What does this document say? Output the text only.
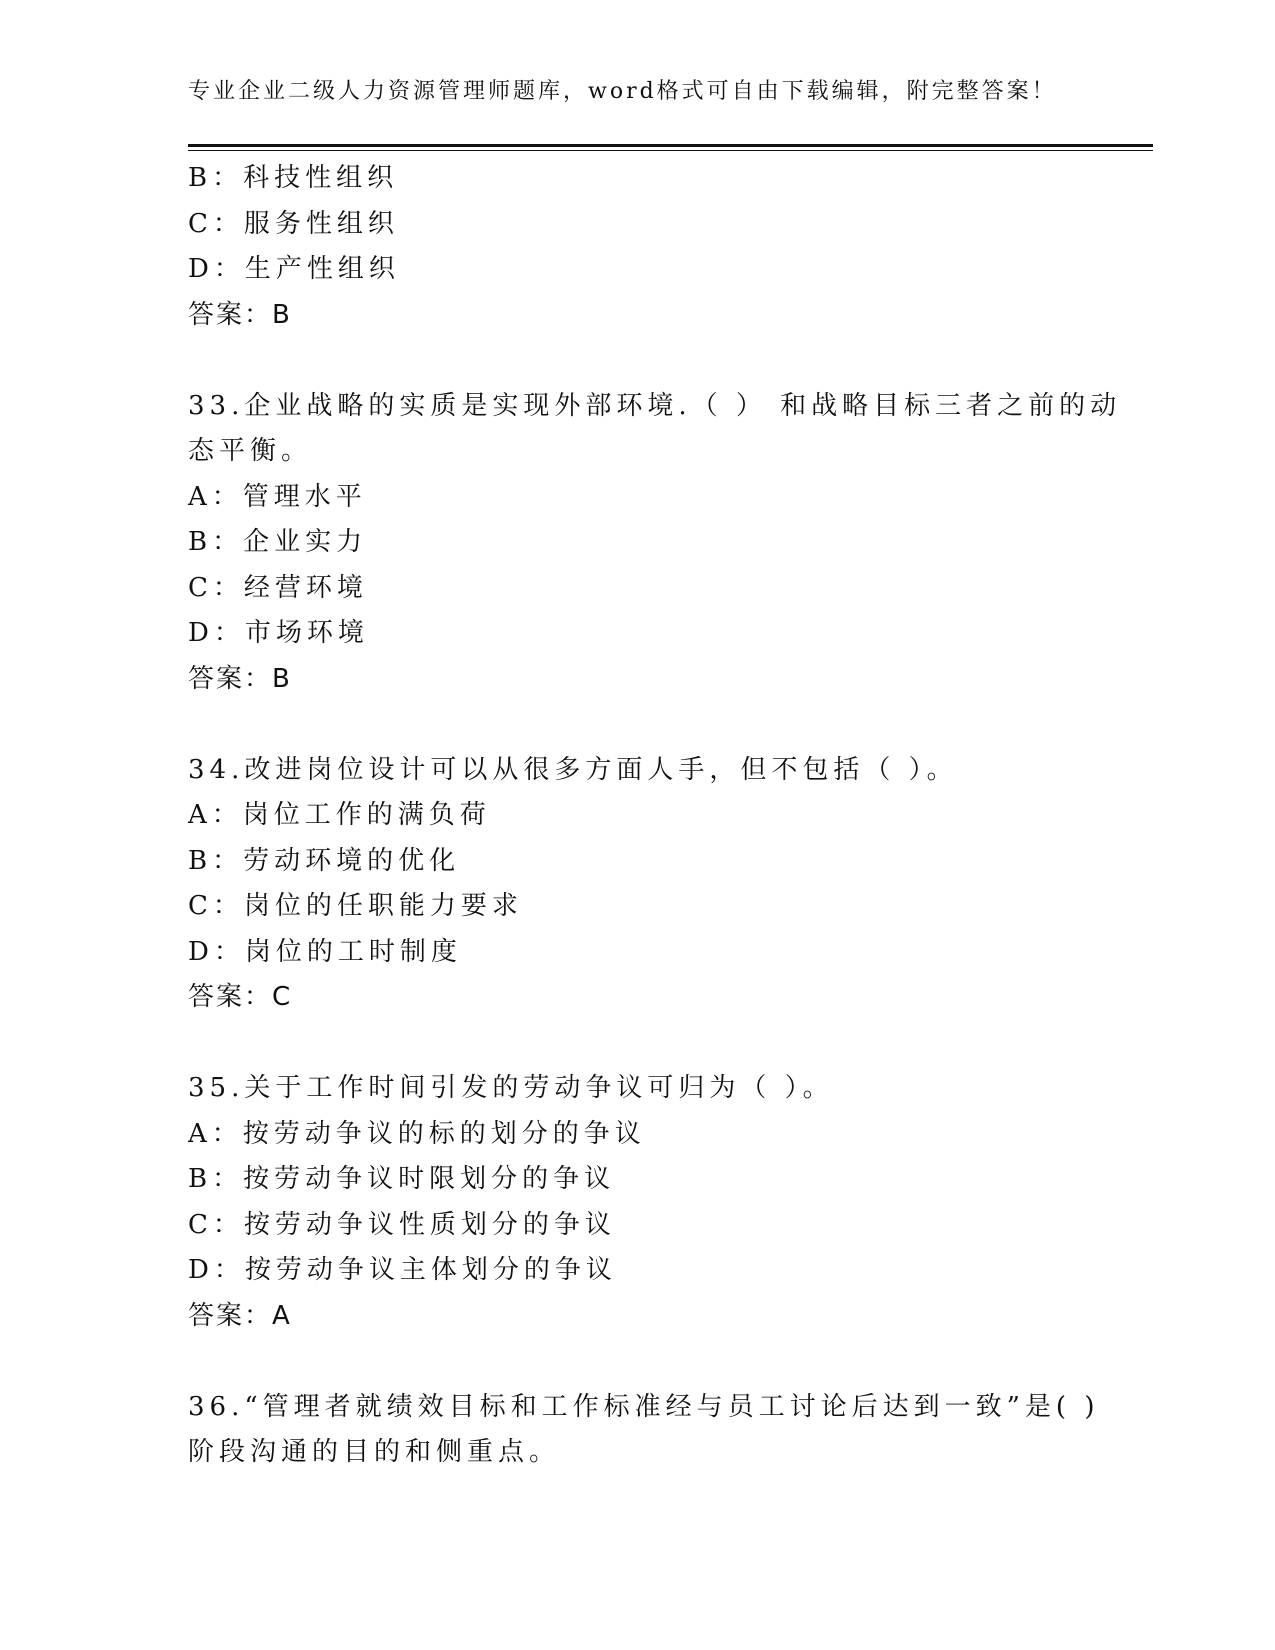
专业企业二级人力资源管理师题库，word格式可自由下载编辑，附完整答案！
B：科技性组织
C：服务性组织
D：生产性组织
答案：B
33.企业战略的实质是实现外部环境.（ ） 和战略目标三者之前的动
态平衡。
A：管理水平
B：企业实力
C：经营环境
D：市场环境
答案：B
34.改进岗位设计可以从很多方面人手，但不包括（ ）。
A：岗位工作的满负荷
B：劳动环境的优化
C：岗位的任职能力要求
D：岗位的工时制度
答案：C
35.关于工作时间引发的劳动争议可归为（ ）。
A：按劳动争议的标的划分的争议
B：按劳动争议时限划分的争议
C：按劳动争议性质划分的争议
D：按劳动争议主体划分的争议
答案：A
36.“管理者就绩效目标和工作标准经与员工讨论后达到一致”是( )
阶段沟通的目的和侧重点。
